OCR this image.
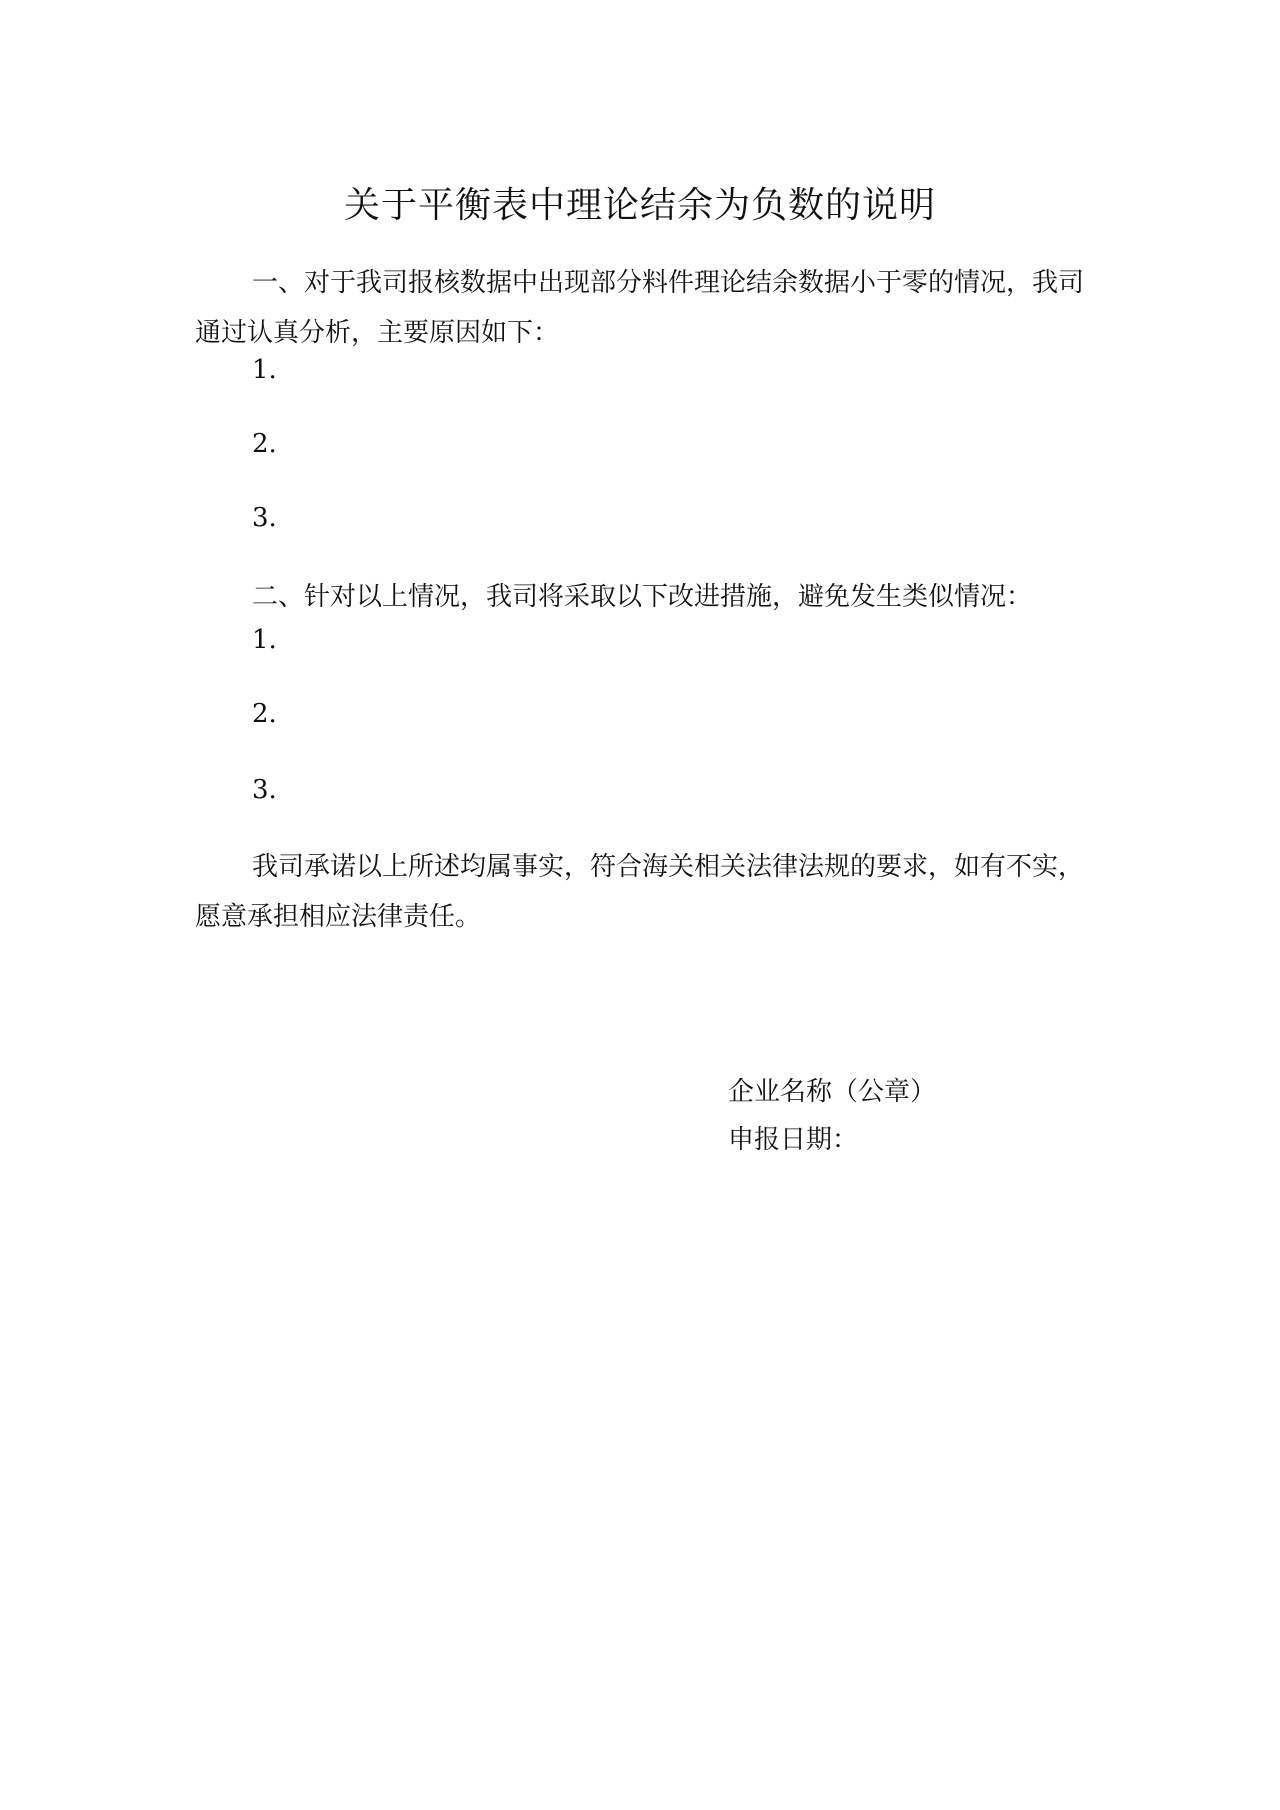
关于平衡表中理论结余为负数的说明
一、对于我司报核数据中出现部分料件理论结余数据小于零的情况，我司通过认真分析，主要原因如下：
1.
2.
3.
二、针对以上情况，我司将采取以下改进措施，避免发生类似情况：
1.
2.
3.
我司承诺以上所述均属事实，符合海关相关法律法规的要求，如有不实，愿意承担相应法律责任。
企业名称（公章）
申报日期：
